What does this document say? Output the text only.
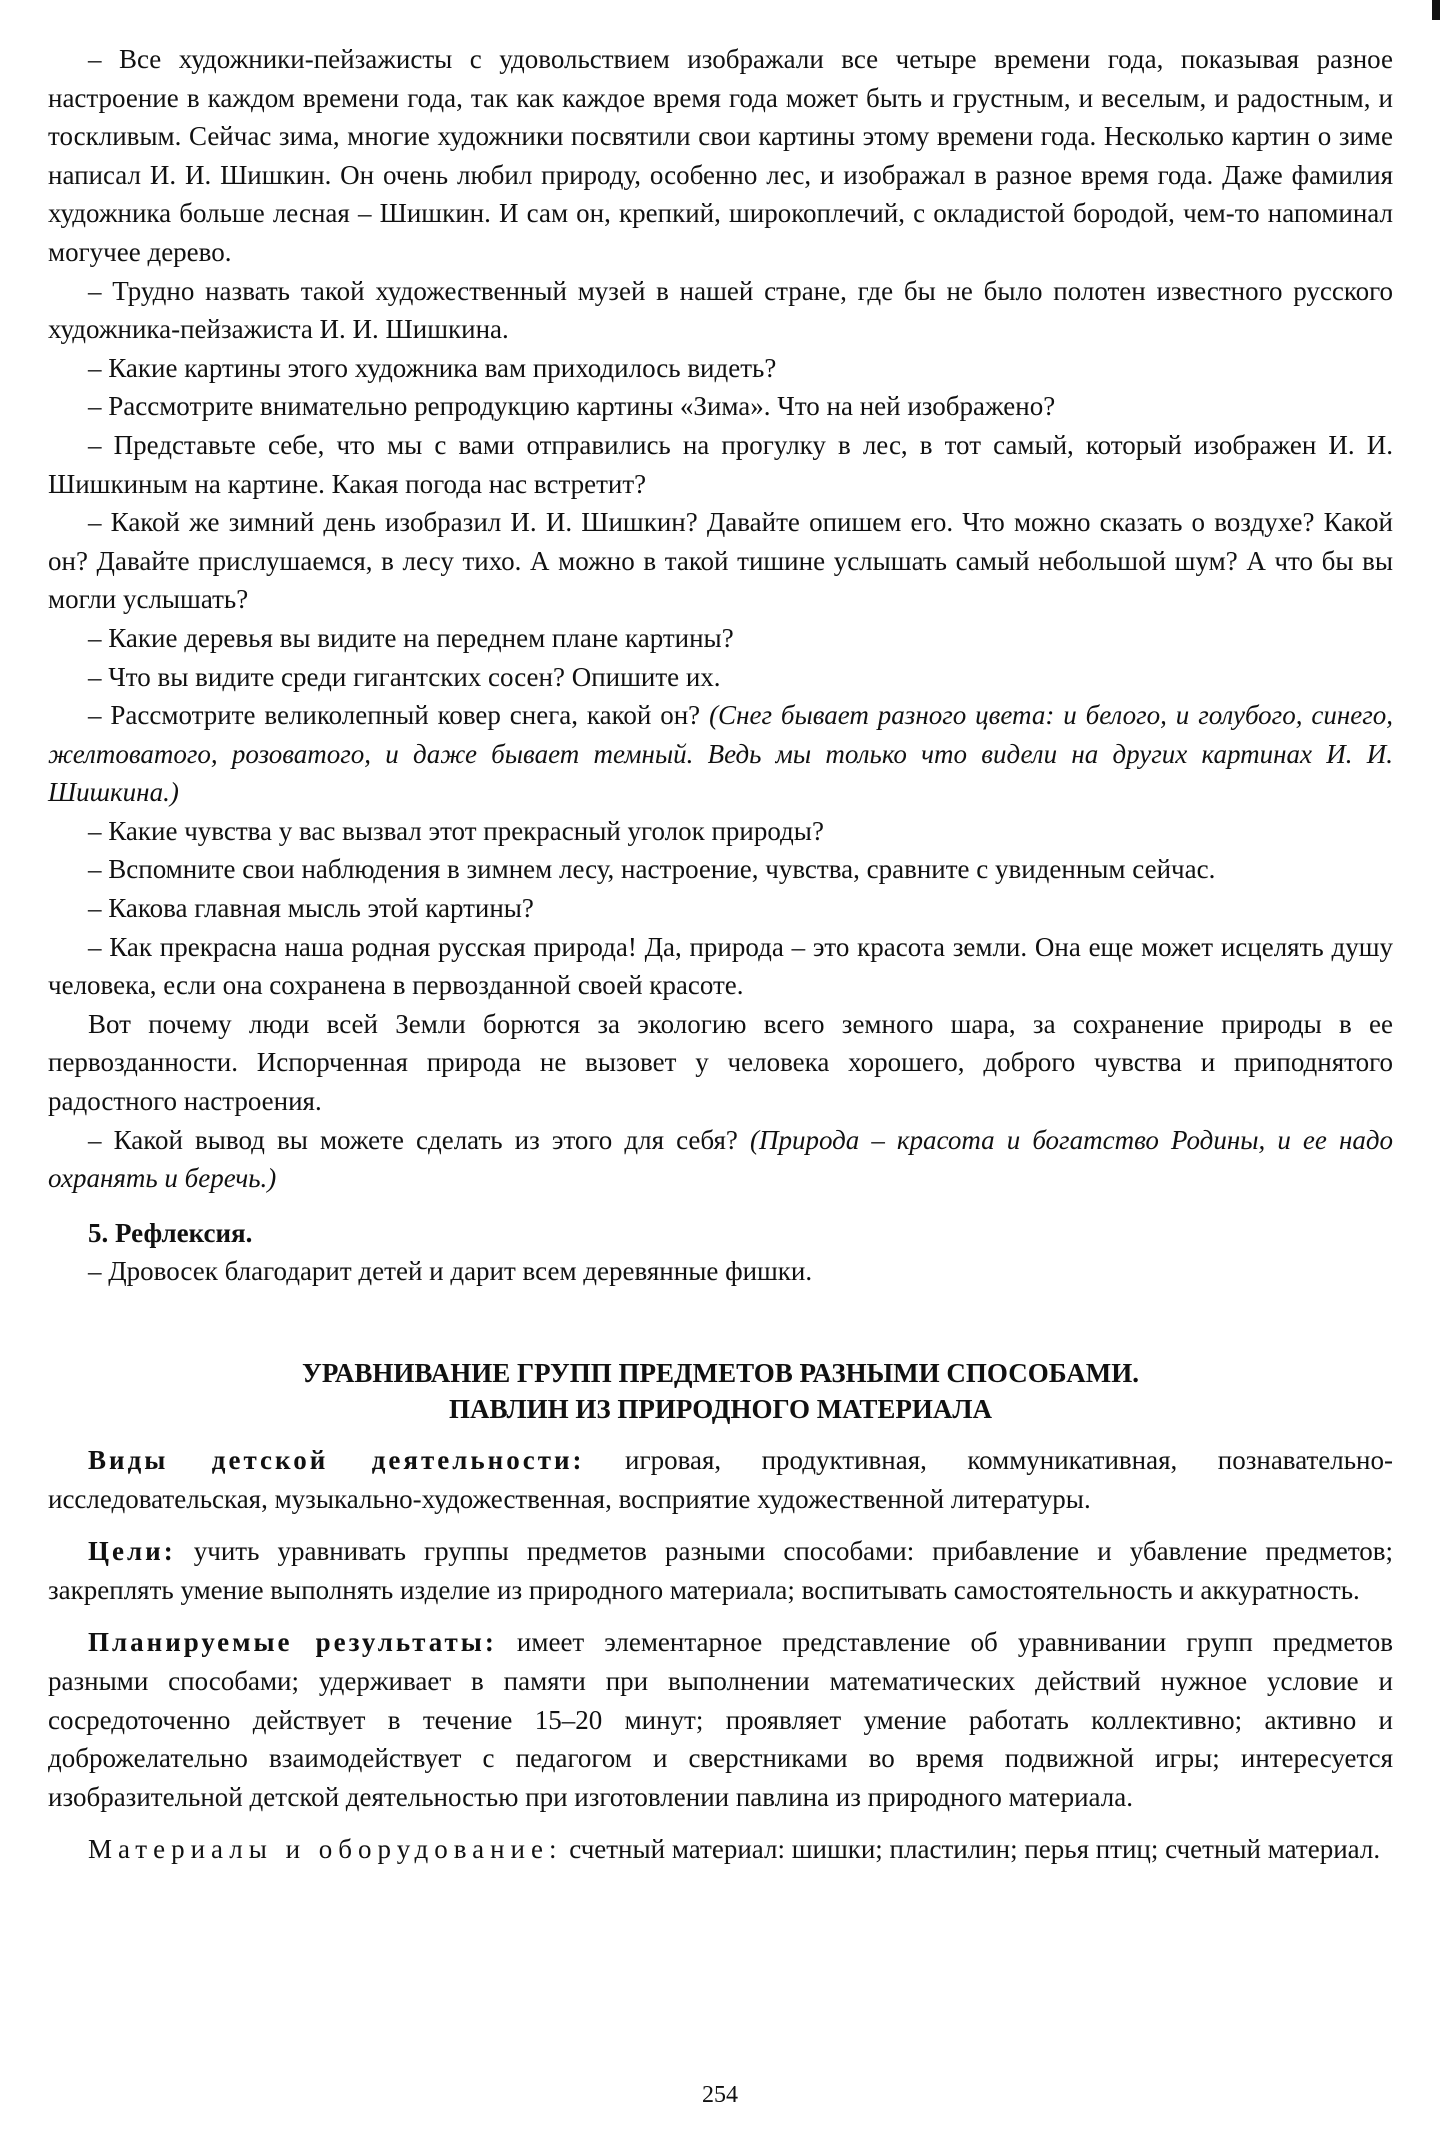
– Все художники-пейзажисты с удовольствием изображали все четыре времени года, показывая разное настроение в каждом времени года, так как каждое время года может быть и грустным, и веселым, и радостным, и тоскливым. Сейчас зима, многие художники посвятили свои картины этому времени года. Несколько картин о зиме написал И. И. Шишкин. Он очень любил природу, особенно лес, и изображал в разное время года. Даже фамилия художника больше лесная – Шишкин. И сам он, крепкий, широкоплечий, с окладистой бородой, чем-то напоминал могучее дерево.

– Трудно назвать такой художественный музей в нашей стране, где бы не было полотен известного русского художника-пейзажиста И. И. Шишкина.

– Какие картины этого художника вам приходилось видеть?

– Рассмотрите внимательно репродукцию картины «Зима». Что на ней изображено?

– Представьте себе, что мы с вами отправились на прогулку в лес, в тот самый, который изображен И. И. Шишкиным на картине. Какая погода нас встретит?

– Какой же зимний день изобразил И. И. Шишкин? Давайте опишем его. Что можно сказать о воздухе? Какой он? Давайте прислушаемся, в лесу тихо. А можно в такой тишине услышать самый небольшой шум? А что бы вы могли услышать?

– Какие деревья вы видите на переднем плане картины?

– Что вы видите среди гигантских сосен? Опишите их.

– Рассмотрите великолепный ковер снега, какой он? (Снег бывает разного цвета: и белого, и голубого, синего, желтоватого, розоватого, и даже бывает темный. Ведь мы только что видели на других картинах И. И. Шишкина.)

– Какие чувства у вас вызвал этот прекрасный уголок природы?

– Вспомните свои наблюдения в зимнем лесу, настроение, чувства, сравните с увиденным сейчас.

– Какова главная мысль этой картины?

– Как прекрасна наша родная русская природа! Да, природа – это красота земли. Она еще может исцелять душу человека, если она сохранена в первозданной своей красоте.

Вот почему люди всей Земли борются за экологию всего земного шара, за сохранение природы в ее первозданности. Испорченная природа не вызовет у человека хорошего, доброго чувства и приподнятого радостного настроения.

– Какой вывод вы можете сделать из этого для себя? (Природа – красота и богатство Родины, и ее надо охранять и беречь.)

5. Рефлексия.

– Дровосек благодарит детей и дарит всем деревянные фишки.

УРАВНИВАНИЕ ГРУПП ПРЕДМЕТОВ РАЗНЫМИ СПОСОБАМИ.

ПАВЛИН ИЗ ПРИРОДНОГО МАТЕРИАЛА

Виды детской деятельности: игровая, продуктивная, коммуникативная, познавательно-исследовательская, музыкально-художественная, восприятие художественной литературы.

Цели: учить уравнивать группы предметов разными способами: прибавление и убавление предметов; закреплять умение выполнять изделие из природного материала; воспитывать самостоятельность и аккуратность.

Планируемые результаты: имеет элементарное представление об уравнивании групп предметов разными способами; удерживает в памяти при выполнении математических действий нужное условие и сосредоточенно действует в течение 15–20 минут; проявляет умение работать коллективно; активно и доброжелательно взаимодействует с педагогом и сверстниками во время подвижной игры; интересуется изобразительной детской деятельностью при изготовлении павлина из природного материала.

Материалы и оборудование: счетный материал: шишки; пластилин; перья птиц; счетный материал.

254
